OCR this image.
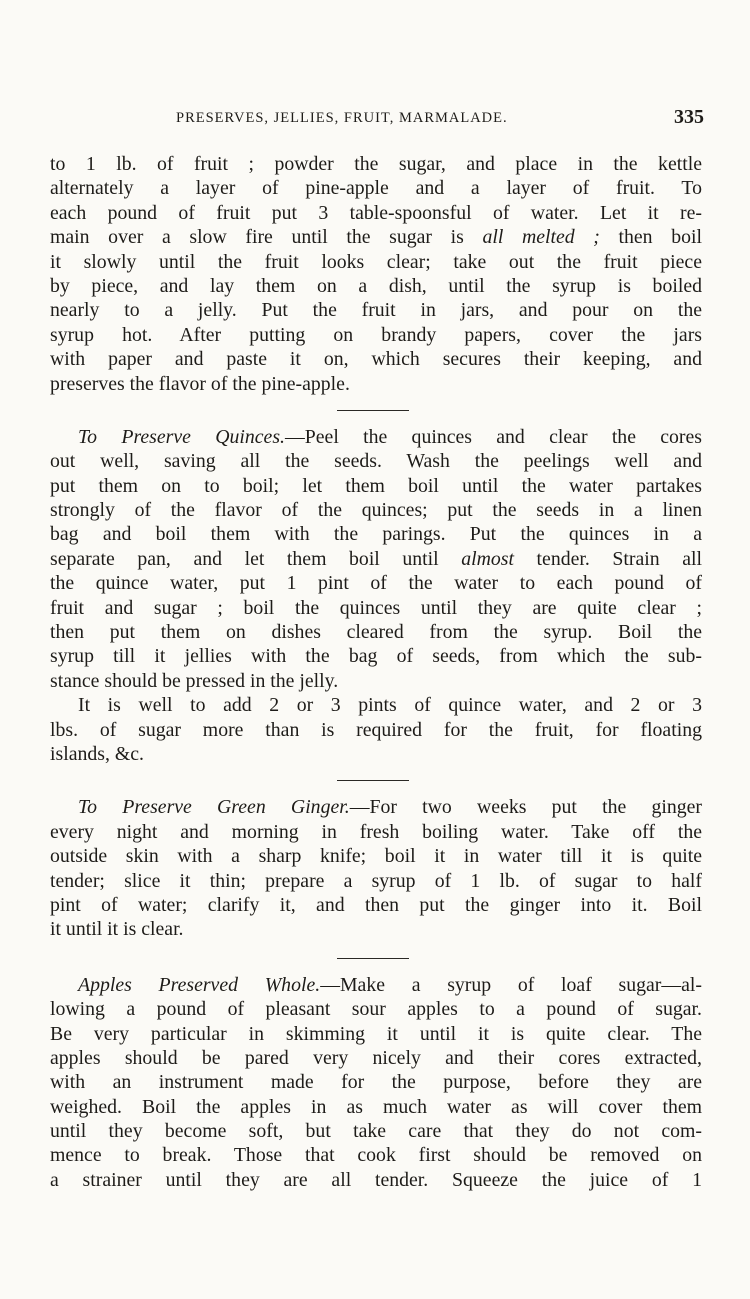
PRESERVES, JELLIES, FRUIT, MARMALADE.	335
to 1 lb. of fruit ; powder the sugar, and place in the kettle
alternately a layer of pine-apple and a layer of fruit. To
each pound of fruit put 3 table-spoonsful of water. Let it re-
main over a slow fire until the sugar is all melted ; then boil
it slowly until the fruit looks clear; take out the fruit piece
by piece, and lay them on a dish, until the syrup is boiled
nearly to a jelly. Put the fruit in jars, and pour on the
syrup hot. After putting on brandy papers, cover the jars
with paper and paste it on, which secures their keeping, and
preserves the flavor of the pine-apple.
To Preserve Quinces.—Peel the quinces and clear the cores
out well, saving all the seeds. Wash the peelings well and
put them on to boil; let them boil until the water partakes
strongly of the flavor of the quinces; put the seeds in a linen
bag and boil them with the parings. Put the quinces in a
separate pan, and let them boil until almost tender. Strain all
the quince water, put 1 pint of the water to each pound of
fruit and sugar ; boil the quinces until they are quite clear ;
then put them on dishes cleared from the syrup. Boil the
syrup till it jellies with the bag of seeds, from which the sub-
stance should be pressed in the jelly.
It is well to add 2 or 3 pints of quince water, and 2 or 3
lbs. of sugar more than is required for the fruit, for floating
islands, &c.
To Preserve Green Ginger.—For two weeks put the ginger
every night and morning in fresh boiling water. Take off the
outside skin with a sharp knife; boil it in water till it is quite
tender; slice it thin; prepare a syrup of 1 lb. of sugar to half
pint of water; clarify it, and then put the ginger into it. Boil
it until it is clear.
Apples Preserved Whole.—Make a syrup of loaf sugar—al-
lowing a pound of pleasant sour apples to a pound of sugar.
Be very particular in skimming it until it is quite clear. The
apples should be pared very nicely and their cores extracted,
with an instrument made for the purpose, before they are
weighed. Boil the apples in as much water as will cover them
until they become soft, but take care that they do not com-
mence to break. Those that cook first should be removed on
a strainer until they are all tender. Squeeze the juice of 1
